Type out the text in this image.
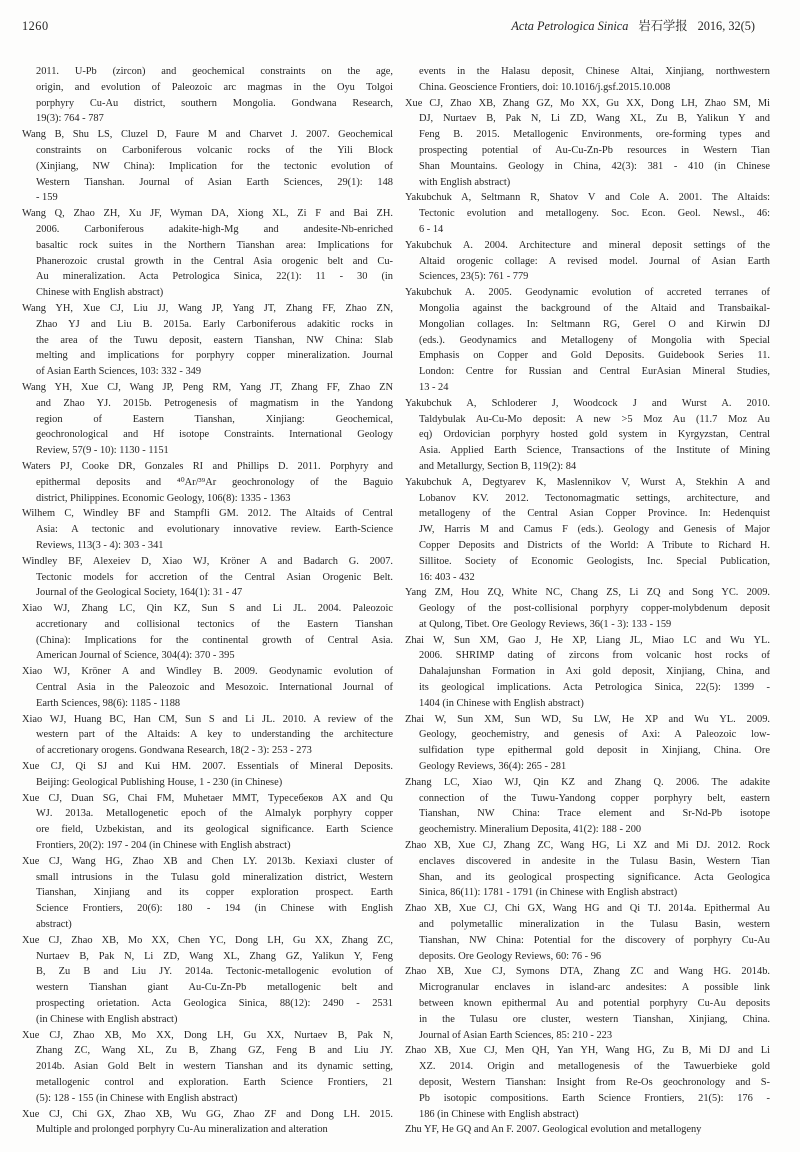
1260	Acta Petrologica Sinica 岩石学报 2016, 32(5)
2011. U-Pb (zircon) and geochemical constraints on the age,
origin, and evolution of Paleozoic arc magmas in the Oyu Tolgoi
porphyry Cu-Au district, southern Mongolia. Gondwana Research,
19(3): 764 - 787
Wang B, Shu LS, Cluzel D, Faure M and Charvet J. 2007. Geochemical
constraints on Carboniferous volcanic rocks of the Yili Block
(Xinjiang, NW China): Implication for the tectonic evolution of
Western Tianshan. Journal of Asian Earth Sciences, 29(1): 148
- 159
Wang Q, Zhao ZH, Xu JF, Wyman DA, Xiong XL, Zi F and Bai ZH.
2006. Carboniferous adakite-high-Mg and andesite-Nb-enriched
basaltic rock suites in the Northern Tianshan area: Implications for
Phanerozoic crustal growth in the Central Asia orogenic belt and Cu-
Au mineralization. Acta Petrologica Sinica, 22(1): 11 - 30 (in
Chinese with English abstract)
Wang YH, Xue CJ, Liu JJ, Wang JP, Yang JT, Zhang FF, Zhao ZN,
Zhao YJ and Liu B. 2015a. Early Carboniferous adakitic rocks in
the area of the Tuwu deposit, eastern Tianshan, NW China: Slab
melting and implications for porphyry copper mineralization. Journal
of Asian Earth Sciences, 103: 332 - 349
Wang YH, Xue CJ, Wang JP, Peng RM, Yang JT, Zhang FF, Zhao ZN
and Zhao YJ. 2015b. Petrogenesis of magmatism in the Yandong
region of Eastern Tianshan, Xinjiang: Geochemical,
geochronological and Hf isotope Constraints. International Geology
Review, 57(9 - 10): 1130 - 1151
Waters PJ, Cooke DR, Gonzales RI and Phillips D. 2011. Porphyry and
epithermal deposits and ⁴⁰Ar/³⁹Ar geochronology of the Baguio
district, Philippines. Economic Geology, 106(8): 1335 - 1363
Wilhem C, Windley BF and Stampfli GM. 2012. The Altaids of Central
Asia: A tectonic and evolutionary innovative review. Earth-Science
Reviews, 113(3 - 4): 303 - 341
Windley BF, Alexeiev D, Xiao WJ, Kröner A and Badarch G. 2007.
Tectonic models for accretion of the Central Asian Orogenic Belt.
Journal of the Geological Society, 164(1): 31 - 47
Xiao WJ, Zhang LC, Qin KZ, Sun S and Li JL. 2004. Paleozoic
accretionary and collisional tectonics of the Eastern Tianshan
(China): Implications for the continental growth of Central Asia.
American Journal of Science, 304(4): 370 - 395
Xiao WJ, Kröner A and Windley B. 2009. Geodynamic evolution of
Central Asia in the Paleozoic and Mesozoic. International Journal of
Earth Sciences, 98(6): 1185 - 1188
Xiao WJ, Huang BC, Han CM, Sun S and Li JL. 2010. A review of the
western part of the Altaids: A key to understanding the architecture
of accretionary orogens. Gondwana Research, 18(2 - 3): 253 - 273
Xue CJ, Qi SJ and Kui HM. 2007. Essentials of Mineral Deposits.
Beijing: Geological Publishing House, 1 - 230 (in Chinese)
Xue CJ, Duan SG, Chai FM, Muhetaer MMT, Туресебеков AX and Qu
WJ. 2013a. Metallogenetic epoch of the Almalyk porphyry copper
ore field, Uzbekistan, and its geological significance. Earth Science
Frontiers, 20(2): 197 - 204 (in Chinese with English abstract)
Xue CJ, Wang HG, Zhao XB and Chen LY. 2013b. Kexiaxi cluster of
small intrusions in the Tulasu gold mineralization district, Western
Tianshan, Xinjiang and its copper exploration prospect. Earth
Science Frontiers, 20(6): 180 - 194 (in Chinese with English
abstract)
Xue CJ, Zhao XB, Mo XX, Chen YC, Dong LH, Gu XX, Zhang ZC,
Nurtaev B, Pak N, Li ZD, Wang XL, Zhang GZ, Yalikun Y, Feng
B, Zu B and Liu JY. 2014a. Tectonic-metallogenic evolution of
western Tianshan giant Au-Cu-Zn-Pb metallogenic belt and
prospecting orietation. Acta Geologica Sinica, 88(12): 2490 - 2531
(in Chinese with English abstract)
Xue CJ, Zhao XB, Mo XX, Dong LH, Gu XX, Nurtaev B, Pak N,
Zhang ZC, Wang XL, Zu B, Zhang GZ, Feng B and Liu JY.
2014b. Asian Gold Belt in western Tianshan and its dynamic setting,
metallogenic control and exploration. Earth Science Frontiers, 21
(5): 128 - 155 (in Chinese with English abstract)
Xue CJ, Chi GX, Zhao XB, Wu GG, Zhao ZF and Dong LH. 2015.
Multiple and prolonged porphyry Cu-Au mineralization and alteration
events in the Halasu deposit, Chinese Altai, Xinjiang, northwestern
China. Geoscience Frontiers, doi: 10.1016/j.gsf.2015.10.008
Xue CJ, Zhao XB, Zhang GZ, Mo XX, Gu XX, Dong LH, Zhao SM, Mi
DJ, Nurtaev B, Pak N, Li ZD, Wang XL, Zu B, Yalikun Y and
Feng B. 2015. Metallogenic Environments, ore-forming types and
prospecting potential of Au-Cu-Zn-Pb resources in Western Tian
Shan Mountains. Geology in China, 42(3): 381 - 410 (in Chinese
with English abstract)
Yakubchuk A, Seltmann R, Shatov V and Cole A. 2001. The Altaids:
Tectonic evolution and metallogeny. Soc. Econ. Geol. Newsl., 46:
6 - 14
Yakubchuk A. 2004. Architecture and mineral deposit settings of the
Altaid orogenic collage: A revised model. Journal of Asian Earth
Sciences, 23(5): 761 - 779
Yakubchuk A. 2005. Geodynamic evolution of accreted terranes of
Mongolia against the background of the Altaid and Transbaikal-
Mongolian collages. In: Seltmann RG, Gerel O and Kirwin DJ
(eds.). Geodynamics and Metallogeny of Mongolia with Special
Emphasis on Copper and Gold Deposits. Guidebook Series 11.
London: Centre for Russian and Central EurAsian Mineral Studies,
13 - 24
Yakubchuk A, Schloderer J, Woodcock J and Wurst A. 2010.
Taldybulak Au-Cu-Mo deposit: A new >5 Moz Au (11.7 Moz Au
eq) Ordovician porphyry hosted gold system in Kyrgyzstan, Central
Asia. Applied Earth Science, Transactions of the Institute of Mining
and Metallurgy, Section B, 119(2): 84
Yakubchuk A, Degtyarev K, Maslennikov V, Wurst A, Stekhin A and
Lobanov KV. 2012. Tectonomagmatic settings, architecture, and
metallogeny of the Central Asian Copper Province. In: Hedenquist
JW, Harris M and Camus F (eds.). Geology and Genesis of Major
Copper Deposits and Districts of the World: A Tribute to Richard H.
Sillitoe. Society of Economic Geologists, Inc. Special Publication,
16: 403 - 432
Yang ZM, Hou ZQ, White NC, Chang ZS, Li ZQ and Song YC. 2009.
Geology of the post-collisional porphyry copper-molybdenum deposit
at Qulong, Tibet. Ore Geology Reviews, 36(1 - 3): 133 - 159
Zhai W, Sun XM, Gao J, He XP, Liang JL, Miao LC and Wu YL.
2006. SHRIMP dating of zircons from volcanic host rocks of
Dahalajunshan Formation in Axi gold deposit, Xinjiang, China, and
its geological implications. Acta Petrologica Sinica, 22(5): 1399 -
1404 (in Chinese with English abstract)
Zhai W, Sun XM, Sun WD, Su LW, He XP and Wu YL. 2009.
Geology, geochemistry, and genesis of Axi: A Paleozoic low-
sulfidation type epithermal gold deposit in Xinjiang, China. Ore
Geology Reviews, 36(4): 265 - 281
Zhang LC, Xiao WJ, Qin KZ and Zhang Q. 2006. The adakite
connection of the Tuwu-Yandong copper porphyry belt, eastern
Tianshan, NW China: Trace element and Sr-Nd-Pb isotope
geochemistry. Mineralium Deposita, 41(2): 188 - 200
Zhao XB, Xue CJ, Zhang ZC, Wang HG, Li XZ and Mi DJ. 2012. Rock
enclaves discovered in andesite in the Tulasu Basin, Western Tian
Shan, and its geological prospecting significance. Acta Geologica
Sinica, 86(11): 1781 - 1791 (in Chinese with English abstract)
Zhao XB, Xue CJ, Chi GX, Wang HG and Qi TJ. 2014a. Epithermal Au
and polymetallic mineralization in the Tulasu Basin, western
Tianshan, NW China: Potential for the discovery of porphyry Cu-Au
deposits. Ore Geology Reviews, 60: 76 - 96
Zhao XB, Xue CJ, Symons DTA, Zhang ZC and Wang HG. 2014b.
Microgranular enclaves in island-arc andesites: A possible link
between known epithermal Au and potential porphyry Cu-Au deposits
in the Tulasu ore cluster, western Tianshan, Xinjiang, China.
Journal of Asian Earth Sciences, 85: 210 - 223
Zhao XB, Xue CJ, Men QH, Yan YH, Wang HG, Zu B, Mi DJ and Li
XZ. 2014. Origin and metallogenesis of the Tawuerbieke gold
deposit, Western Tianshan: Insight from Re-Os geochronology and S-
Pb isotopic compositions. Earth Science Frontiers, 21(5): 176 -
186 (in Chinese with English abstract)
Zhu YF, He GQ and An F. 2007. Geological evolution and metallogeny
